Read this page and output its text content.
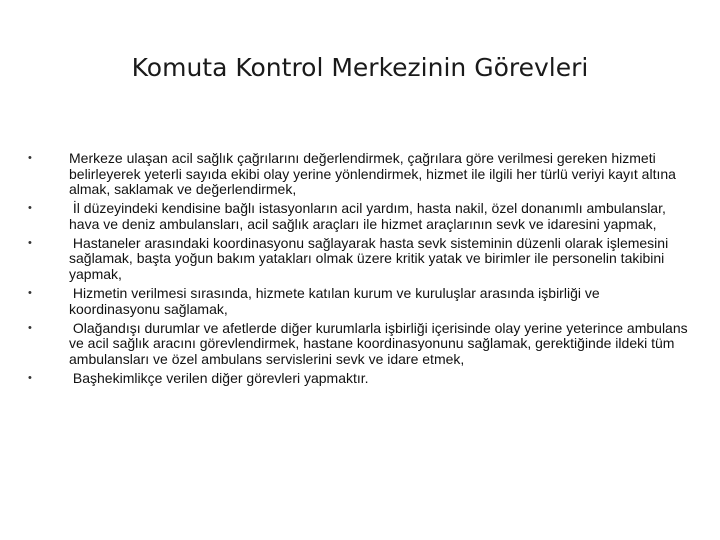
Komuta Kontrol Merkezinin Görevleri
•	Merkeze ulaşan acil sağlık çağrılarını değerlendirmek, çağrılara göre verilmesi gereken hizmeti belirleyerek yeterli sayıda ekibi olay yerine yönlendirmek, hizmet ile ilgili her türlü veriyi kayıt altına almak, saklamak ve değerlendirmek,
•	İl düzeyindeki kendisine bağlı istasyonların acil yardım, hasta nakil, özel donanımlı ambulanslar, hava ve deniz ambulansları, acil sağlık araçları ile hizmet araçlarının sevk ve idaresini yapmak,
•	Hastaneler arasındaki koordinasyonu sağlayarak hasta sevk sisteminin düzenli olarak işlemesini sağlamak, başta yoğun bakım yatakları olmak üzere kritik yatak ve birimler ile personelin takibini yapmak,
•	Hizmetin verilmesi sırasında, hizmete katılan kurum ve kuruluşlar arasında işbirliği ve koordinasyonu sağlamak,
•	Olağandışı durumlar ve afetlerde diğer kurumlarla işbirliği içerisinde olay yerine yeterince ambulans ve acil sağlık aracını görevlendirmek, hastane koordinasyonunu sağlamak, gerektiğinde ildeki tüm ambulansları ve özel ambulans servislerini sevk ve idare etmek,
•	Başhekimlikçe verilen diğer görevleri yapmaktır.
